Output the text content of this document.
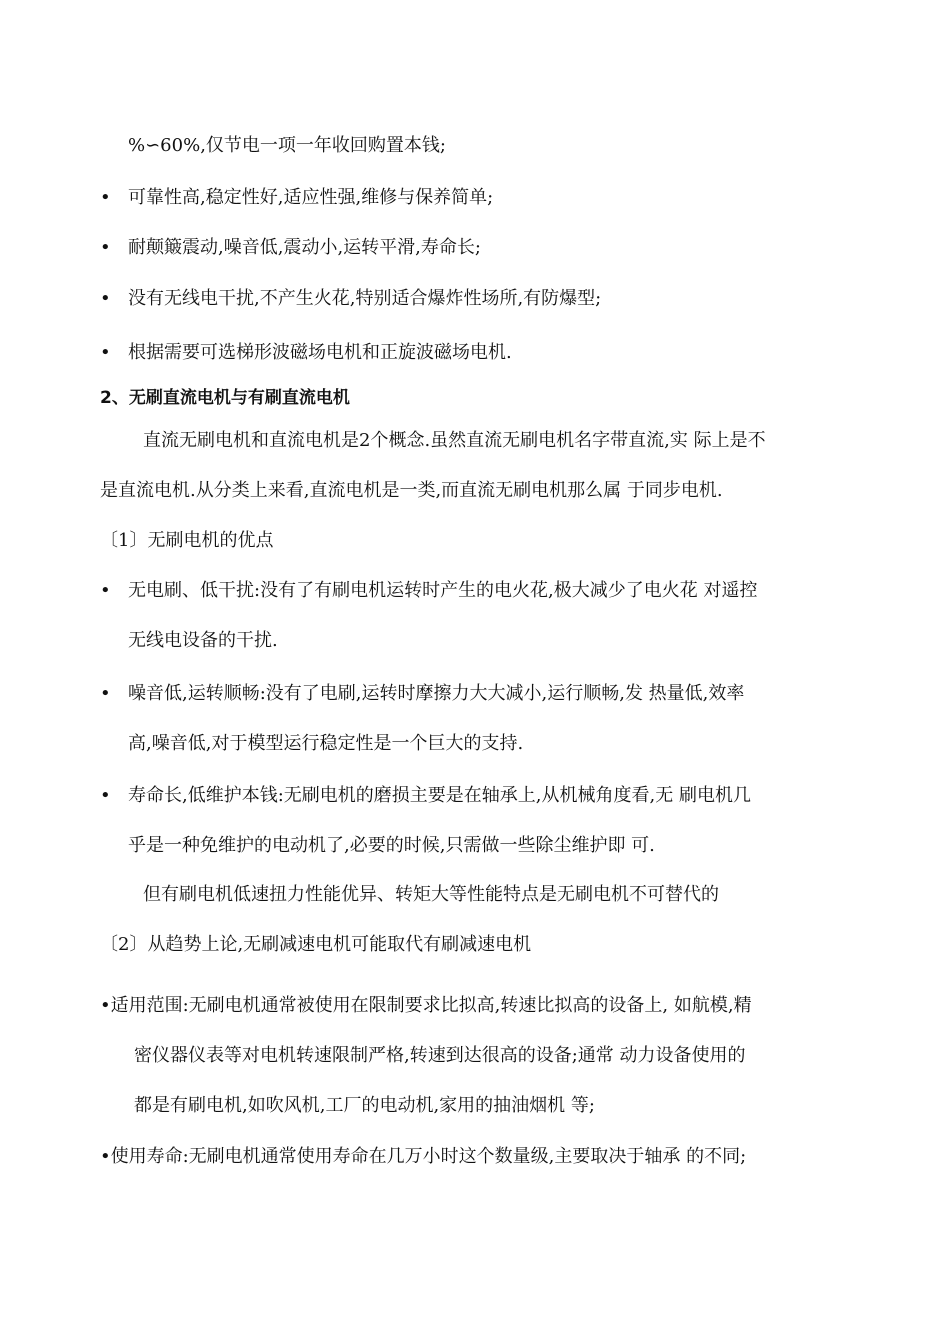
%∽60%,仅节电一项一年收回购置本钱;
• 可靠性高,稳定性好,适应性强,维修与保养简单;
• 耐颠簸震动,噪音低,震动小,运转平滑,寿命长;
• 没有无线电干扰,不产生火花,特别适合爆炸性场所,有防爆型;
• 根据需要可选梯形波磁场电机和正旋波磁场电机.
2、无刷直流电机与有刷直流电机
直流无刷电机和直流电机是2个概念.虽然直流无刷电机名字带直流,实 际上是不
是直流电机.从分类上来看,直流电机是一类,而直流无刷电机那么属 于同步电机.
〔1〕无刷电机的优点
• 无电刷、低干扰:没有了有刷电机运转时产生的电火花,极大减少了电火花 对遥控
无线电设备的干扰.
• 噪音低,运转顺畅:没有了电刷,运转时摩擦力大大减小,运行顺畅,发 热量低,效率
高,噪音低,对于模型运行稳定性是一个巨大的支持.
• 寿命长,低维护本钱:无刷电机的磨损主要是在轴承上,从机械角度看,无 刷电机几
乎是一种免维护的电动机了,必要的时候,只需做一些除尘维护即 可.
但有刷电机低速扭力性能优异、转矩大等性能特点是无刷电机不可替代的
〔2〕从趋势上论,无刷减速电机可能取代有刷减速电机
•适用范围:无刷电机通常被使用在限制要求比拟高,转速比拟高的设备上, 如航模,精
密仪器仪表等对电机转速限制严格,转速到达很高的设备;通常 动力设备使用的
都是有刷电机,如吹风机,工厂的电动机,家用的抽油烟机 等;
•使用寿命:无刷电机通常使用寿命在几万小时这个数量级,主要取决于轴承 的不同;
